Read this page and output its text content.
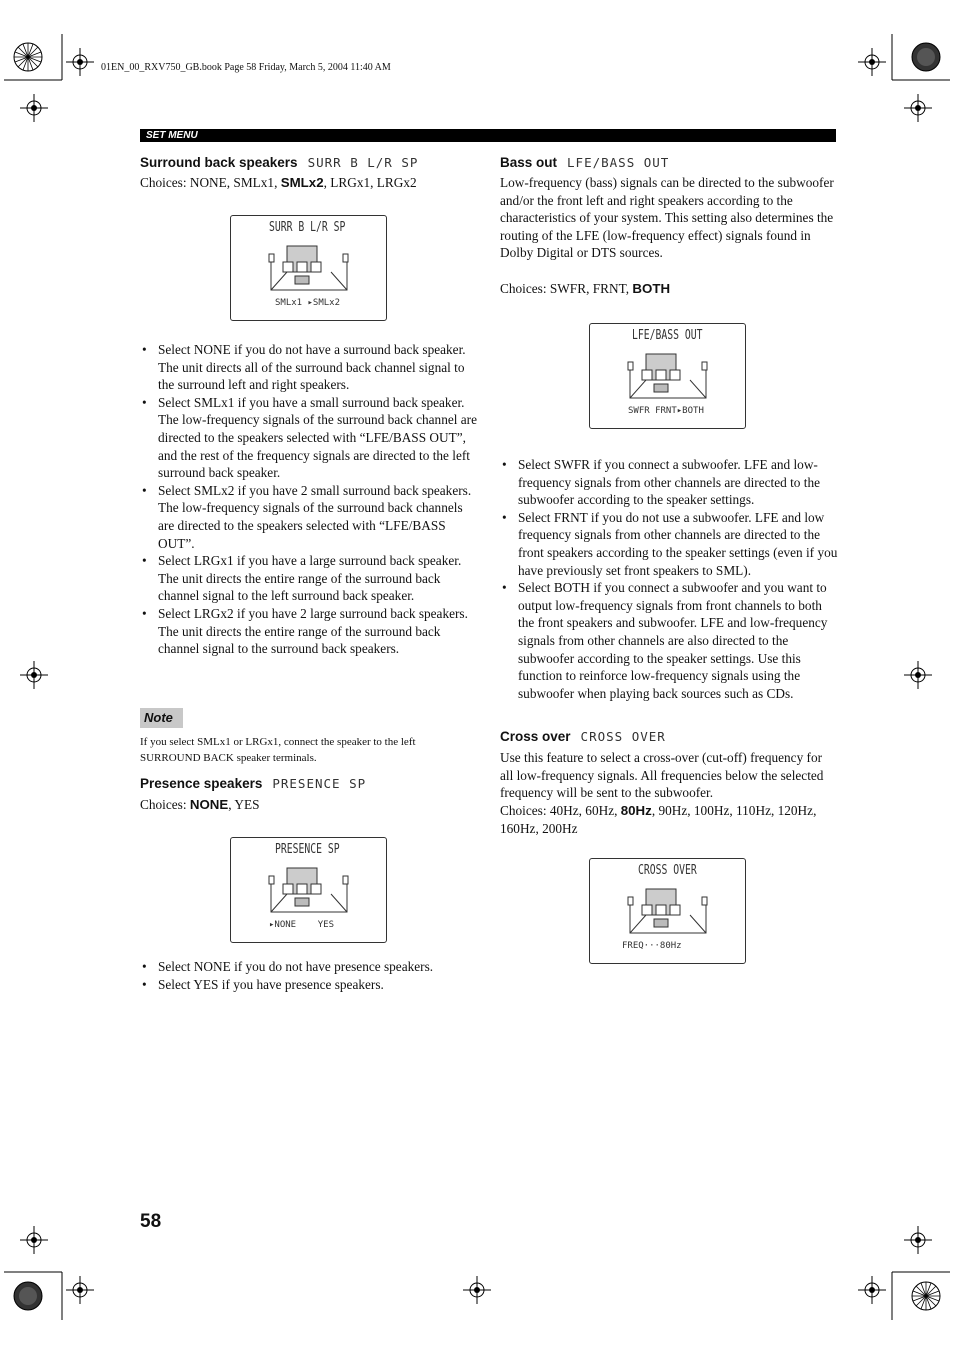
01EN_00_RXV750_GB.book Page 58 Friday, March 5, 2004 11:40 AM
SET MENU
Surround back speakers SURR B L/R SP
Choices: NONE, SMLx1, SMLx2, LRGx1, LRGx2
SURR B L/R SP
SMLx1 ▸SMLx2
• Select NONE if you do not have a surround back speaker. The unit directs all of the surround back channel signal to the surround left and right speakers.
• Select SMLx1 if you have a small surround back speaker. The low-frequency signals of the surround back channel are directed to the speakers selected with “LFE/BASS OUT”, and the rest of the frequency signals are directed to the left surround back speaker.
• Select SMLx2 if you have 2 small surround back speakers. The low-frequency signals of the surround back channels are directed to the speakers selected with “LFE/BASS OUT”.
• Select LRGx1 if you have a large surround back speaker. The unit directs the entire range of the surround back channel signal to the left surround back speaker.
• Select LRGx2 if you have 2 large surround back speakers. The unit directs the entire range of the surround back channel signal to the surround back speakers.
Note
If you select SMLx1 or LRGx1, connect the speaker to the left SURROUND BACK speaker terminals.
Presence speakers PRESENCE SP
Choices: NONE, YES
PRESENCE SP
▸NONE    YES
• Select NONE if you do not have presence speakers.
• Select YES if you have presence speakers.
Bass out LFE/BASS OUT
Low-frequency (bass) signals can be directed to the subwoofer and/or the front left and right speakers according to the characteristics of your system. This setting also determines the routing of the LFE (low-frequency effect) signals found in Dolby Digital or DTS sources.
Choices: SWFR, FRNT, BOTH
LFE/BASS OUT
SWFR FRNT▸BOTH
• Select SWFR if you connect a subwoofer. LFE and low-frequency signals from other channels are directed to the subwoofer according to the speaker settings.
• Select FRNT if you do not use a subwoofer. LFE and low frequency signals from other channels are directed to the front speakers according to the speaker settings (even if you have previously set front speakers to SML).
• Select BOTH if you connect a subwoofer and you want to output low-frequency signals from front channels to both the front speakers and subwoofer. LFE and low-frequency signals from other channels are also directed to the subwoofer according to the speaker settings. Use this function to reinforce low-frequency signals using the subwoofer when playing back sources such as CDs.
Cross over CROSS OVER
Use this feature to select a cross-over (cut-off) frequency for all low-frequency signals. All frequencies below the selected frequency will be sent to the subwoofer.
Choices: 40Hz, 60Hz, 80Hz, 90Hz, 100Hz, 110Hz, 120Hz, 160Hz, 200Hz
CROSS OVER
FREQ···80Hz
58
